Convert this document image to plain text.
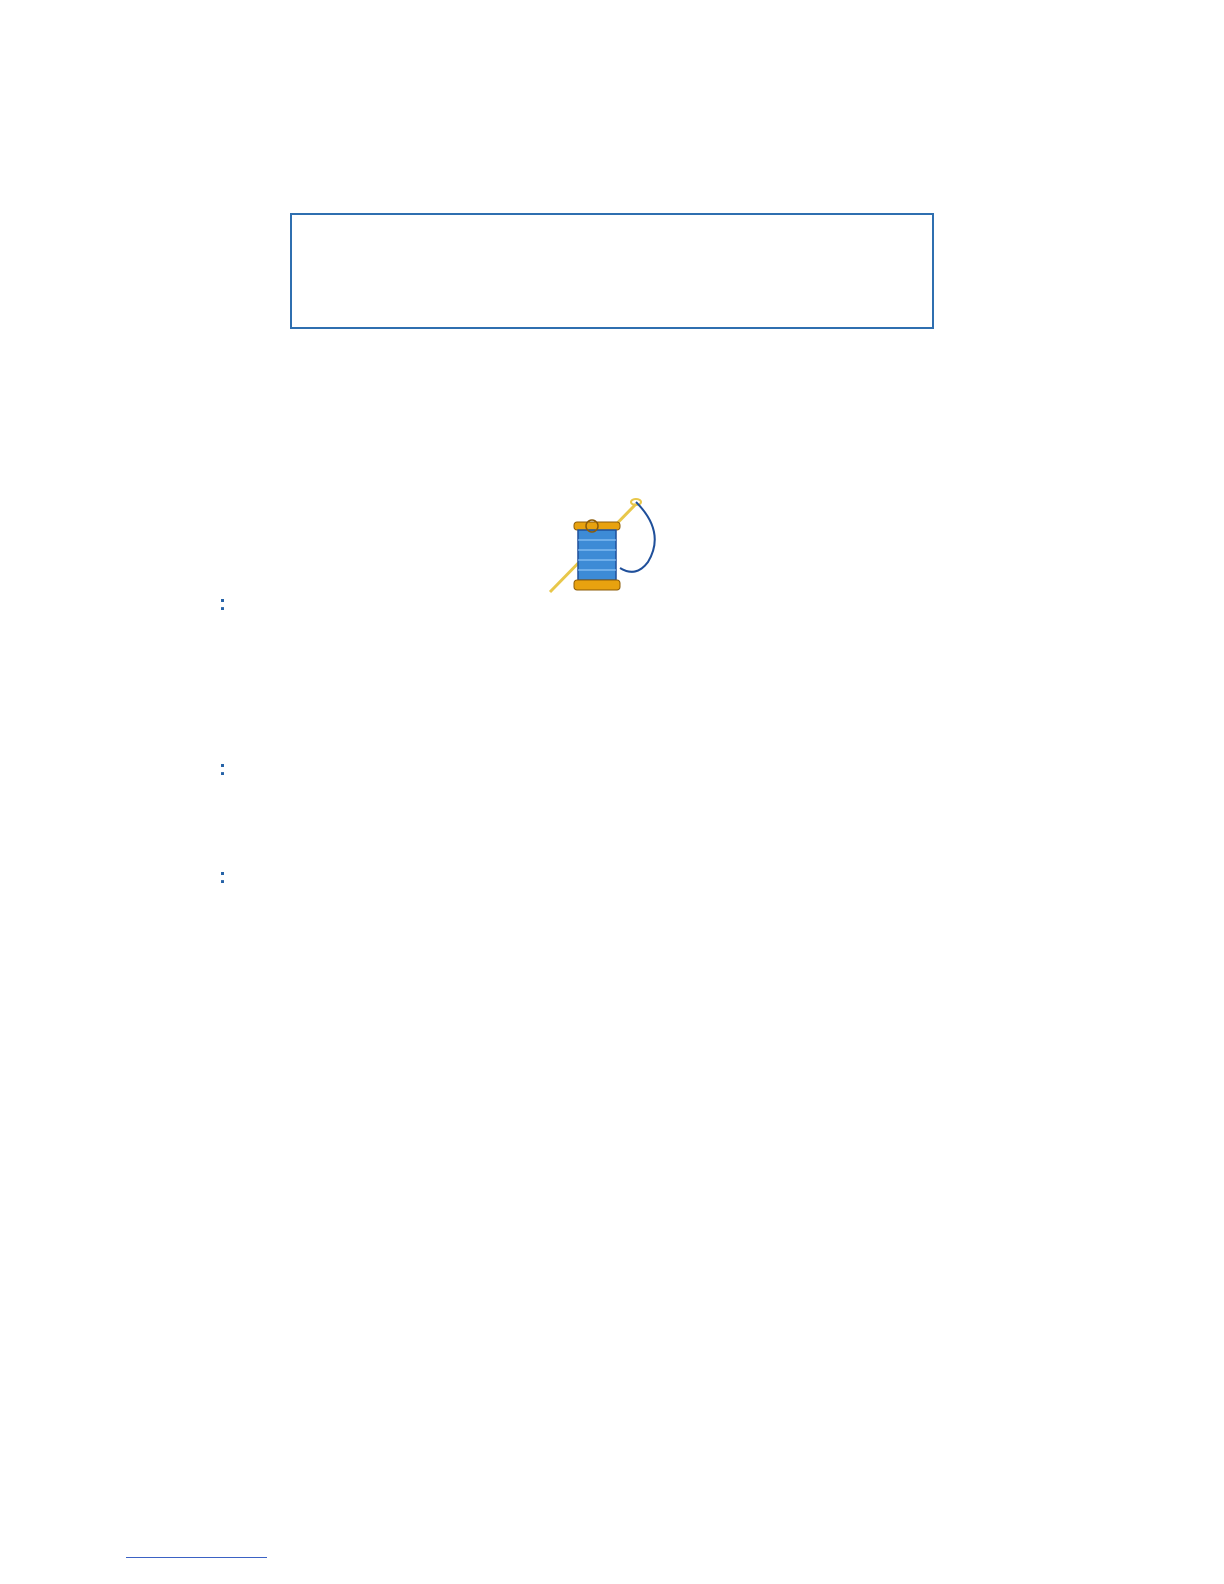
:
:
:
